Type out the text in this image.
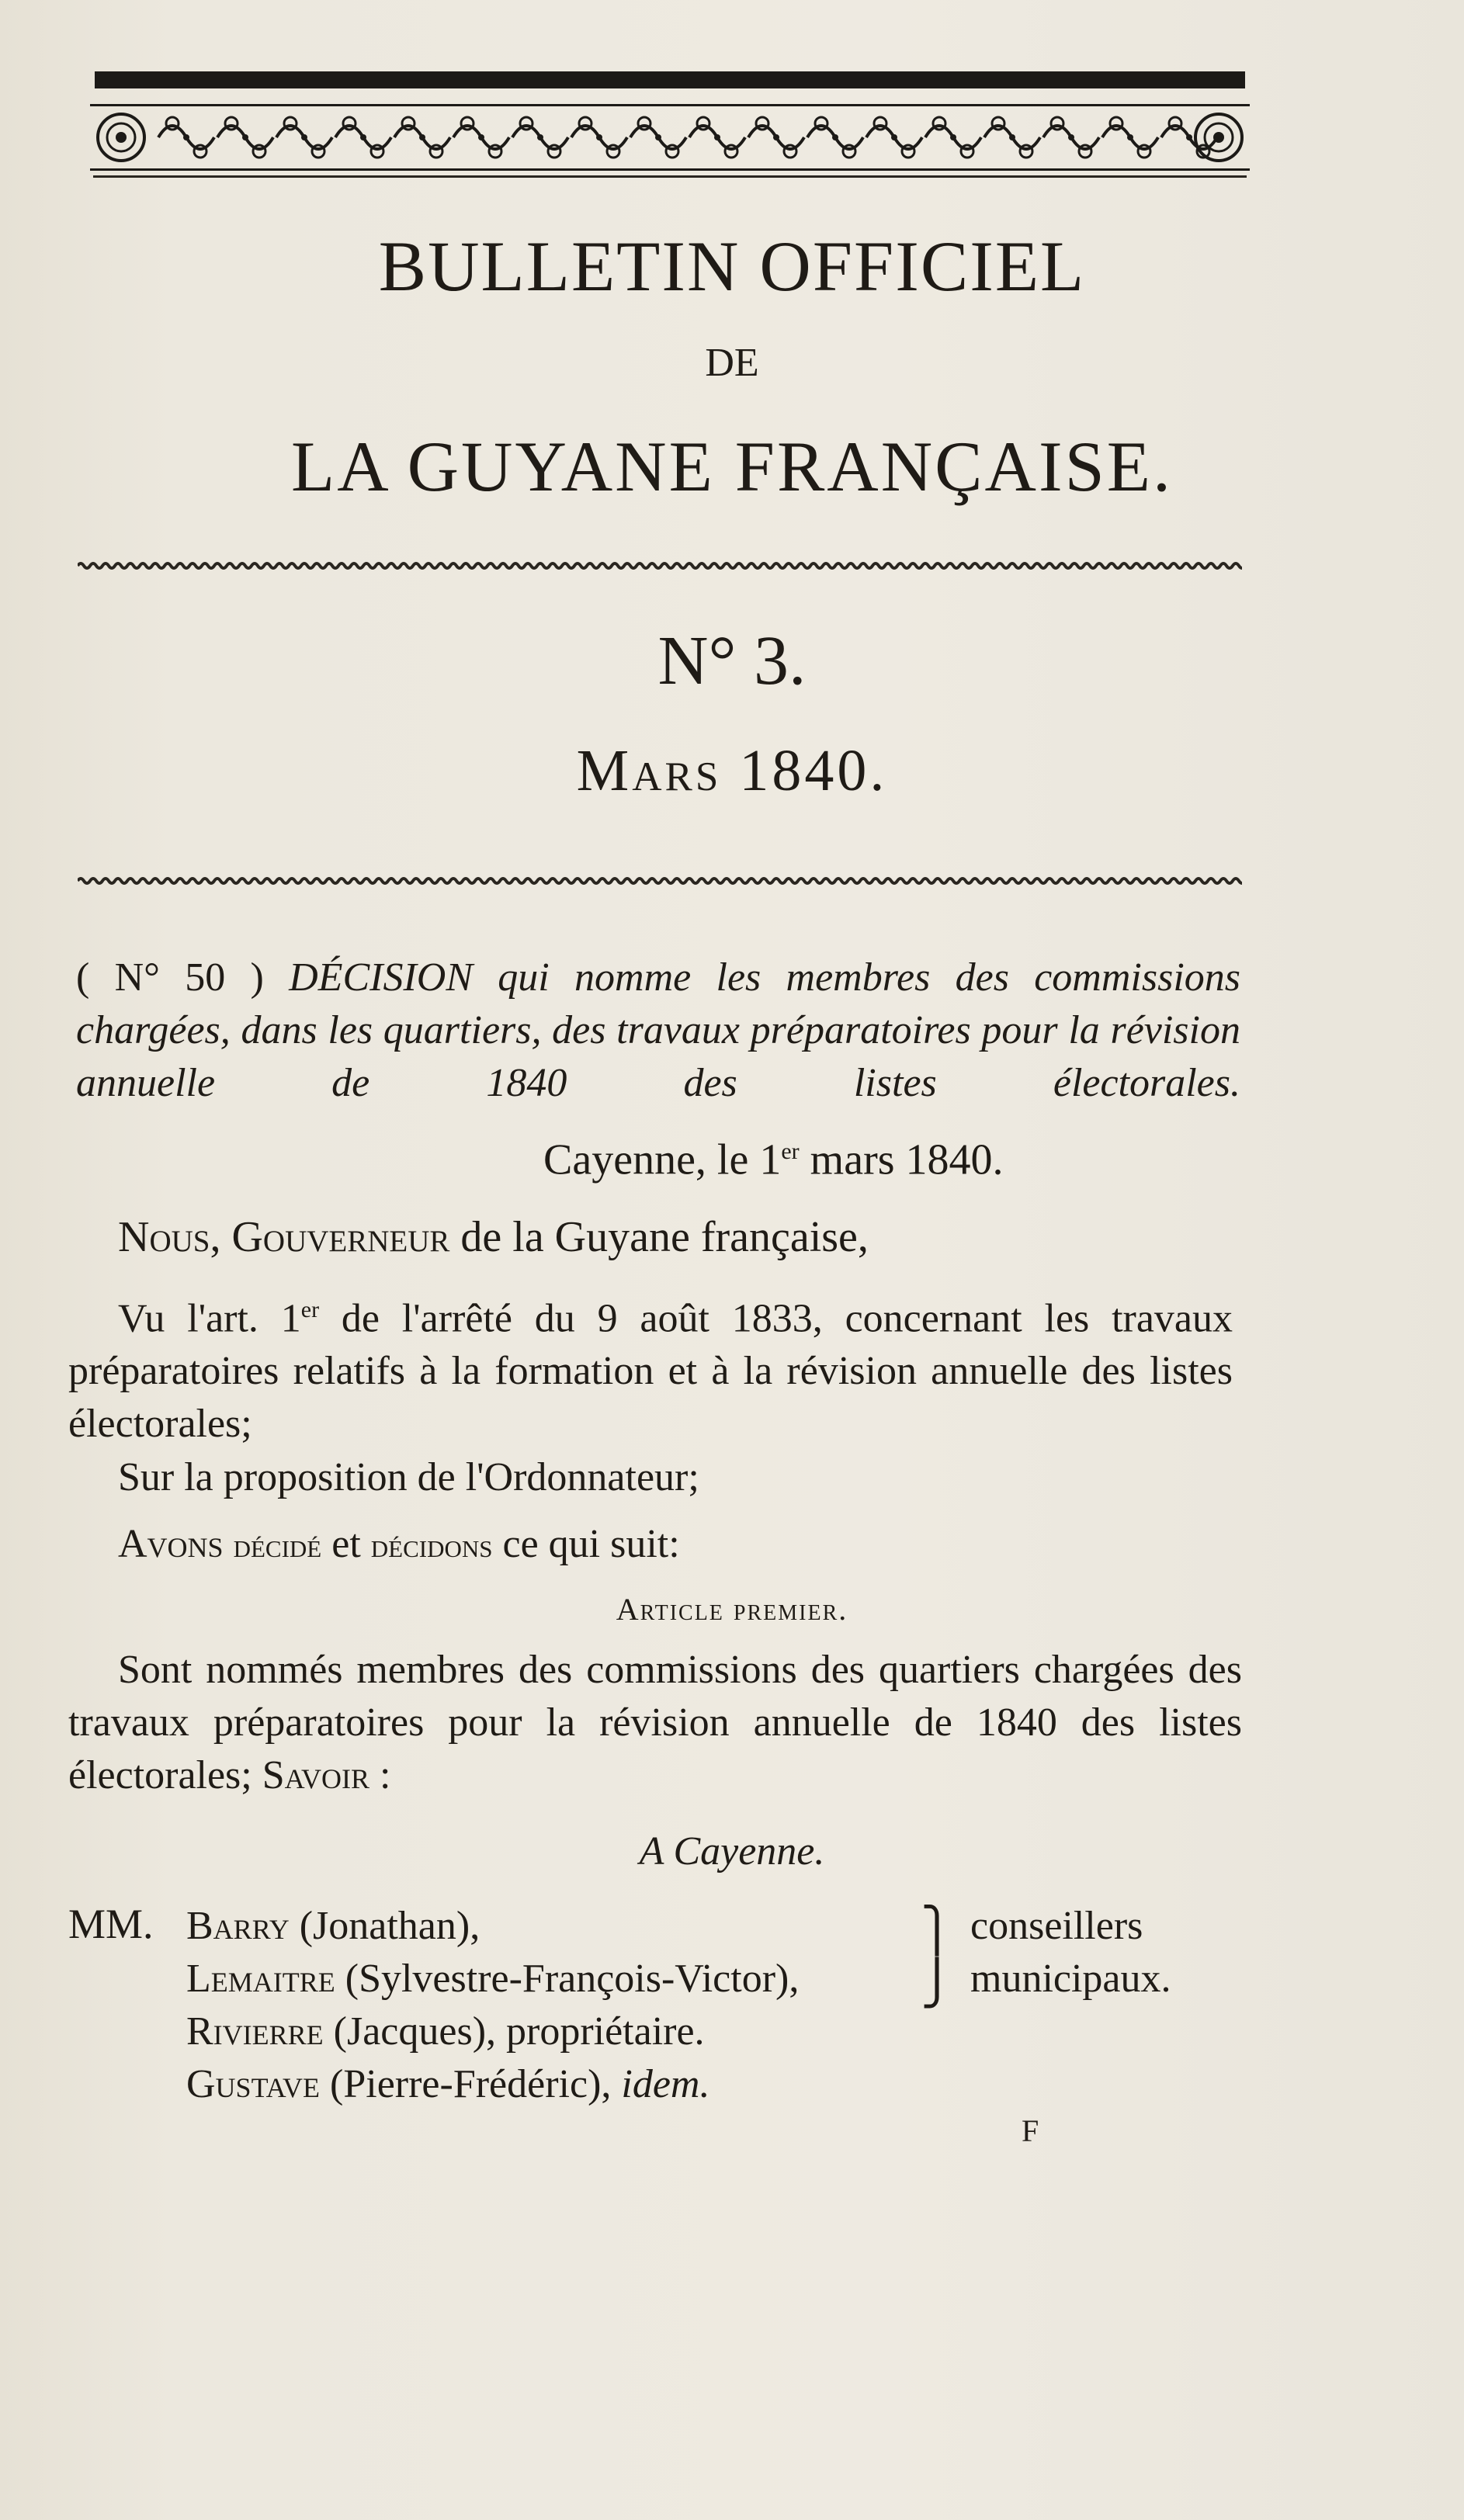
BULLETIN OFFICIEL
DE
LA GUYANE FRANÇAISE.
N° 3.
Mars 1840.
( N° 50 ) DÉCISION qui nomme les membres des commissions chargées, dans les quartiers, des travaux préparatoires pour la révision annuelle de 1840 des listes électorales.
Cayenne, le 1er mars 1840.
Nous, Gouverneur de la Guyane française,
Vu l'art. 1er de l'arrêté du 9 août 1833, concernant les travaux préparatoires relatifs à la formation et à la révision annuelle des listes électorales;
Sur la proposition de l'Ordonnateur;
Avons décidé et décidons ce qui suit:
Article premier.
Sont nommés membres des commissions des quartiers chargées des travaux préparatoires pour la révision annuelle de 1840 des listes électorales; Savoir :
A Cayenne.
MM. Barry (Jonathan),
Lemaitre (Sylvestre-François-Victor),
Rivierre (Jacques), propriétaire.
Gustave (Pierre-Frédéric), idem.
⎫
⎭
conseillers
municipaux.
F
